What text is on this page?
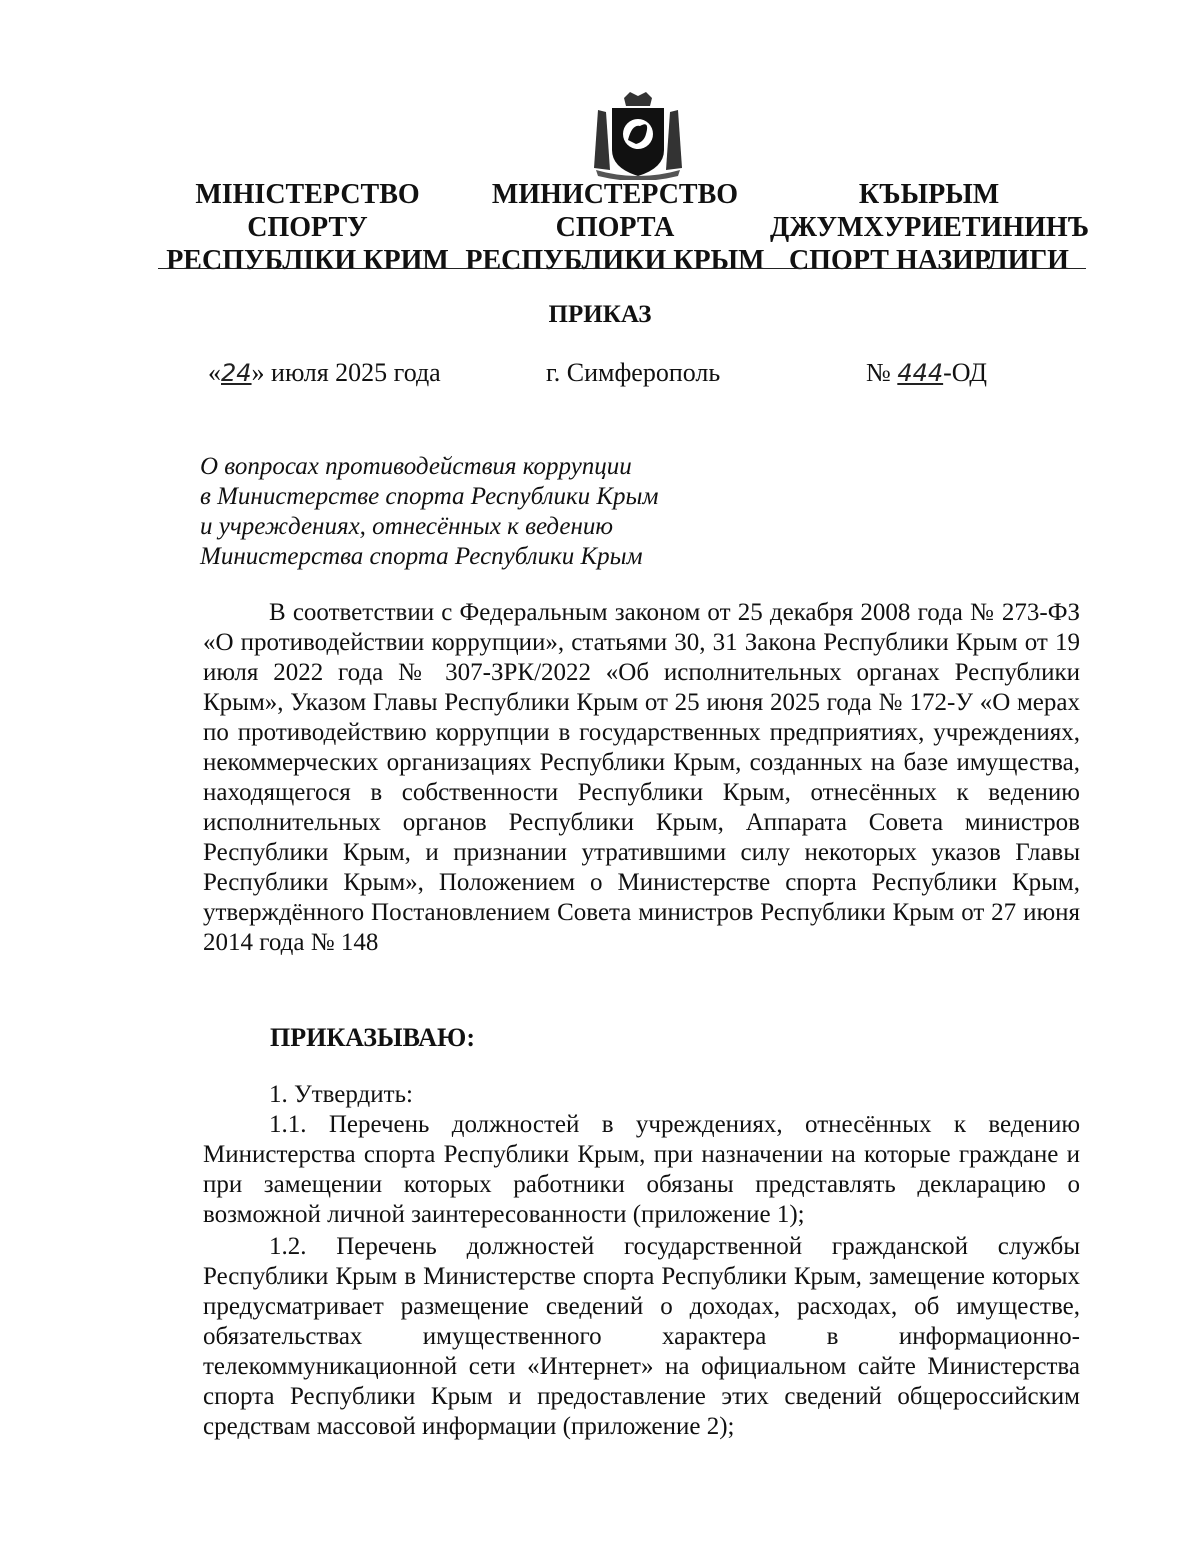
МІНІСТЕРСТВО
СПОРТУ
РЕСПУБЛІКИ КРИМ
МИНИСТЕРСТВО
СПОРТА
РЕСПУБЛИКИ КРЫМ
КЪЫРЫМ
ДЖУМХУРИЕТИНИНЪ
СПОРТ НАЗИРЛИГИ
ПРИКАЗ
«24» июля 2025 года	г. Симферополь	№ 444-ОД
О вопросах противодействия коррупции
в Министерстве спорта Республики Крым
и учреждениях, отнесённых к ведению
Министерства спорта Республики Крым

В соответствии с Федеральным законом от 25 декабря 2008 года № 273-ФЗ «О противодействии коррупции», статьями 30, 31 Закона Республики Крым от 19 июля 2022 года № 307-ЗРК/2022 «Об исполнительных органах Республики Крым», Указом Главы Республики Крым от 25 июня 2025 года № 172-У «О мерах по противодействию коррупции в государственных предприятиях, учреждениях, некоммерческих организациях Республики Крым, созданных на базе имущества, находящегося в собственности Республики Крым, отнесённых к ведению исполнительных органов Республики Крым, Аппарата Совета министров Республики Крым, и признании утратившими силу некоторых указов Главы Республики Крым», Положением о Министерстве спорта Республики Крым, утверждённого Постановлением Совета министров Республики Крым от 27 июня 2014 года № 148

ПРИКАЗЫВАЮ:

1. Утвердить:

1.1. Перечень должностей в учреждениях, отнесённых к ведению Министерства спорта Республики Крым, при назначении на которые граждане и при замещении которых работники обязаны представлять декларацию о возможной личной заинтересованности (приложение 1);

1.2. Перечень должностей государственной гражданской службы Республики Крым в Министерстве спорта Республики Крым, замещение которых предусматривает размещение сведений о доходах, расходах, об имуществе, обязательствах имущественного характера в информационно-телекоммуникационной сети «Интернет» на официальном сайте Министерства спорта Республики Крым и предоставление этих сведений общероссийским средствам массовой информации (приложение 2);
